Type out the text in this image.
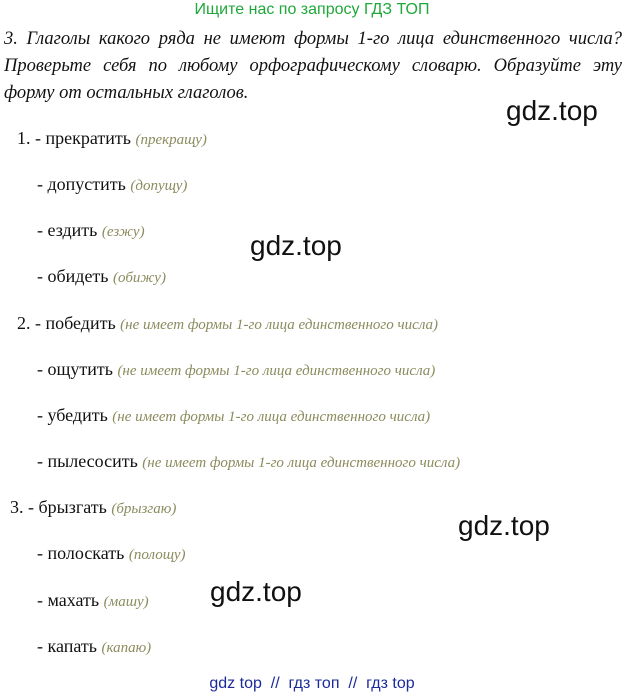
Ищите нас по запросу ГДЗ ТОП

3. Глаголы какого ряда не имеют формы 1-го лица единственного числа? Проверьте себя по любому орфографическому словарю. Образуйте эту форму от остальных глаголов.

gdz.top
gdz.top
gdz.top
gdz.top
1. - прекратить (прекращу)
- допустить (допущу)
- ездить (езжу)
- обидеть (обижу)
2. - победить (не имеет формы 1-го лица единственного числа)
- ощутить (не имеет формы 1-го лица единственного числа)
- убедить (не имеет формы 1-го лица единственного числа)
- пылесосить (не имеет формы 1-го лица единственного числа)
3. - брызгать (брызгаю)
- полоскать (полощу)
- махать (машу)
- капать (капаю)
gdz top  //  гдз топ  //  гдз top
